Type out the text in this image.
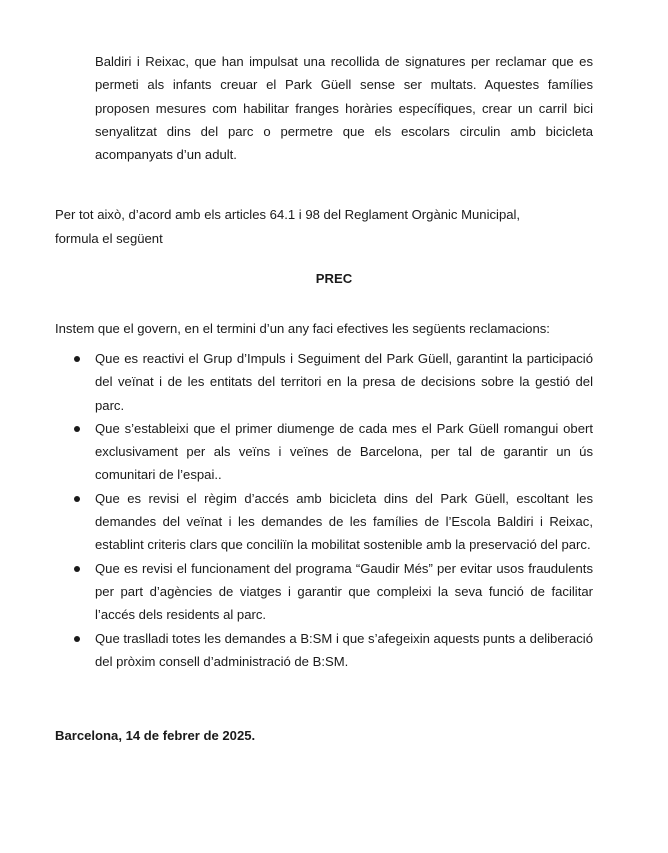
Baldiri i Reixac, que han impulsat una recollida de signatures per reclamar que es permeti als infants creuar el Park Güell sense ser multats. Aquestes famílies proposen mesures com habilitar franges horàries específiques, crear un carril bici senyalitzat dins del parc o permetre que els escolars circulin amb bicicleta acompanyats d’un adult.
Per tot això, d’acord amb els articles 64.1 i 98 del Reglament Orgànic Municipal,
formula el següent
PREC
Instem que el govern, en el termini d’un any faci efectives les següents reclamacions:
Que es reactivi el Grup d’Impuls i Seguiment del Park Güell, garantint la participació del veïnat i de les entitats del territori en la presa de decisions sobre la gestió del parc.
Que s’estableixi que el primer diumenge de cada mes el Park Güell romangui obert exclusivament per als veïns i veïnes de Barcelona, per tal de garantir un ús comunitari de l’espai..
Que es revisi el règim d’accés amb bicicleta dins del Park Güell, escoltant les demandes del veïnat i les demandes de les famílies de l’Escola Baldiri i Reixac, establint criteris clars que conciliïn la mobilitat sostenible amb la preservació del parc.
Que es revisi el funcionament del programa “Gaudir Més” per evitar usos fraudulents per part d’agències de viatges i garantir que compleixi la seva funció de facilitar l’accés dels residents al parc.
Que traslladi totes les demandes a B:SM i que s’afegeixin aquests punts a deliberació del pròxim consell d’administració de B:SM.
Barcelona, 14 de febrer de 2025.
